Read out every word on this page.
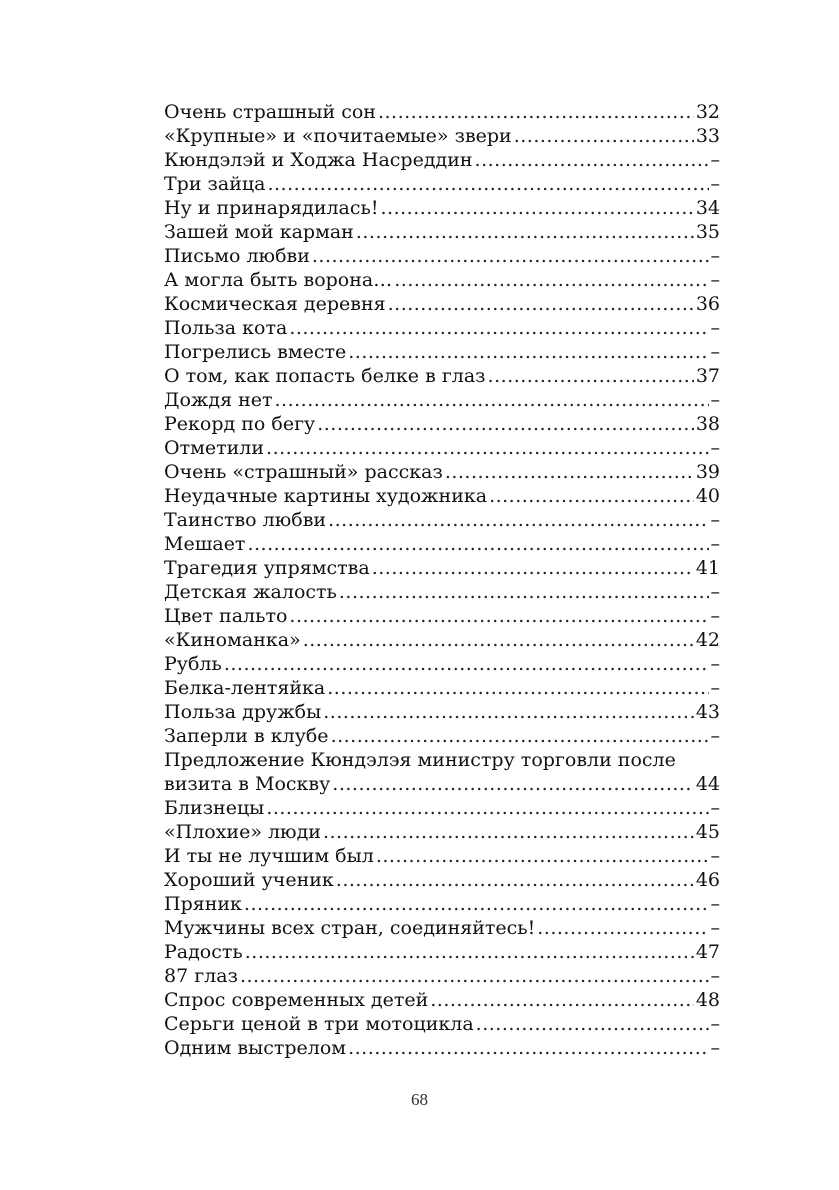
Очень страшный сон .....	32
«Крупные» и «почитаемые» звери .....	33
Кюндэлэй и Ходжа Насреддин .....	–
Три зайца .....	–
Ну и принарядилась! .....	34
Зашей мой карман .....	35
Письмо любви .....	–
А могла быть ворона… .....	–
Космическая деревня .....	36
Польза кота .....	–
Погрелись вместе .....	–
О том, как попасть белке в глаз .....	37
Дождя нет .....	–
Рекорд по бегу .....	38
Отметили .....	–
Очень «страшный» рассказ .....	39
Неудачные картины художника .....	40
Таинство любви .....	–
Мешает .....	–
Трагедия упрямства .....	41
Детская жалость .....	–
Цвет пальто .....	–
«Киноманка» .....	42
Рубль .....	–
Белка-лентяйка .....	–
Польза дружбы .....	43
Заперли в клубе .....	–
Предложение Кюндэлэя министру торговли после
визита в Москву .....	44
Близнецы .....	–
«Плохие» люди .....	45
И ты не лучшим был .....	–
Хороший ученик .....	46
Пряник .....	–
Мужчины всех стран, соединяйтесь! .....	–
Радость .....	47
87 глаз .....	–
Спрос современных детей .....	48
Серьги ценой в три мотоцикла .....	–
Одним выстрелом .....	–
68
